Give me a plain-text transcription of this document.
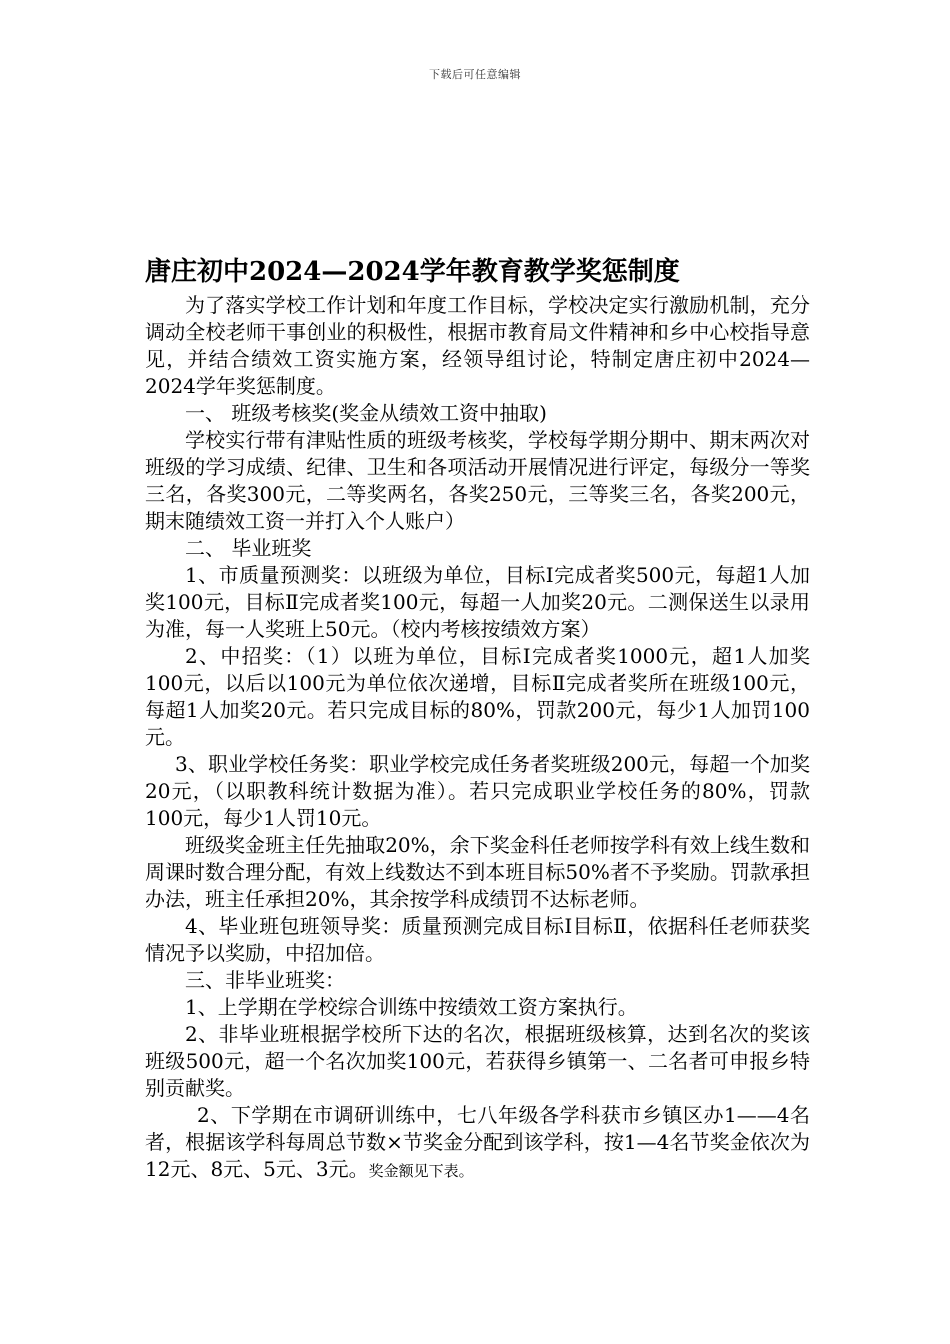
下载后可任意编辑
唐庄初中2024—2024学年教育教学奖惩制度

为了落实学校工作计划和年度工作目标，学校决定实行激励机制，充分调动全校老师干事创业的积极性，根据市教育局文件精神和乡中心校指导意见，并结合绩效工资实施方案，经领导组讨论，特制定唐庄初中2024—2024学年奖惩制度。

一、 班级考核奖(奖金从绩效工资中抽取)

学校实行带有津贴性质的班级考核奖，学校每学期分期中、期末两次对班级的学习成绩、纪律、卫生和各项活动开展情况进行评定，每级分一等奖三名，各奖300元，二等奖两名，各奖250元，三等奖三名，各奖200元，期末随绩效工资一并打入个人账户）

二、 毕业班奖

1、市质量预测奖：以班级为单位，目标Ⅰ完成者奖500元，每超1人加奖100元，目标Ⅱ完成者奖100元，每超一人加奖20元。二测保送生以录用为准，每一人奖班上50元。（校内考核按绩效方案）

2、中招奖：（1）以班为单位，目标Ⅰ完成者奖1000元，超1人加奖100元，以后以100元为单位依次递增，目标Ⅱ完成者奖所在班级100元，每超1人加奖20元。若只完成目标的80%，罚款200元，每少1人加罚100元。

3、职业学校任务奖：职业学校完成任务者奖班级200元，每超一个加奖20元，（以职教科统计数据为准）。若只完成职业学校任务的80%，罚款100元，每少1人罚10元。

班级奖金班主任先抽取20%，余下奖金科任老师按学科有效上线生数和周课时数合理分配，有效上线数达不到本班目标50%者不予奖励。罚款承担办法，班主任承担20%，其余按学科成绩罚不达标老师。

4、毕业班包班领导奖：质量预测完成目标Ⅰ目标Ⅱ，依据科任老师获奖情况予以奖励，中招加倍。

三、非毕业班奖：

1、上学期在学校综合训练中按绩效工资方案执行。

2、非毕业班根据学校所下达的名次，根据班级核算，达到名次的奖该班级500元，超一个名次加奖100元，若获得乡镇第一、二名者可申报乡特别贡献奖。

2、下学期在市调研训练中，七八年级各学科获市乡镇区办1——4名者，根据该学科每周总节数×节奖金分配到该学科，按1—4名节奖金依次为12元、8元、5元、3元。奖金额见下表。
